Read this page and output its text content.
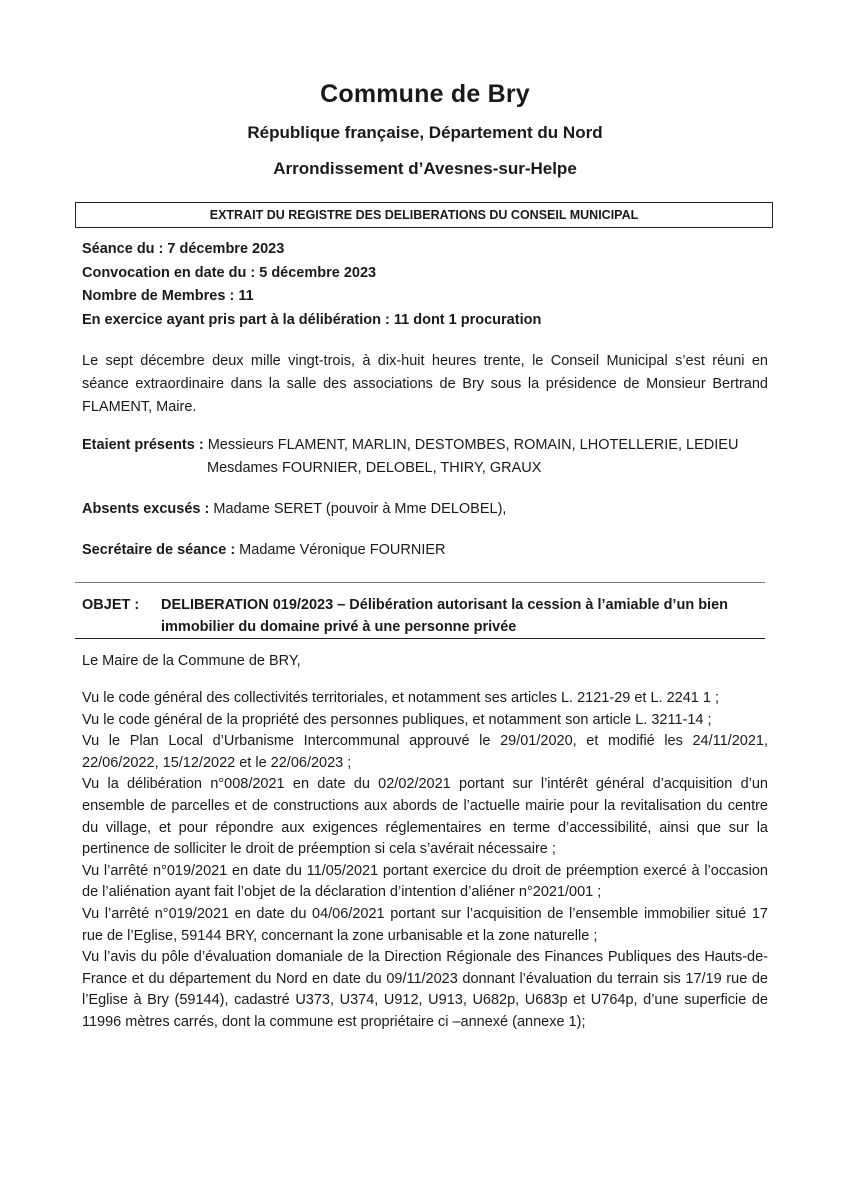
Commune de Bry
République française, Département du Nord
Arrondissement d’Avesnes-sur-Helpe
EXTRAIT DU REGISTRE DES DELIBERATIONS DU CONSEIL MUNICIPAL
Séance du : 7 décembre 2023
Convocation en date du : 5 décembre 2023
Nombre de Membres : 11
En exercice ayant pris part à la délibération : 11 dont 1 procuration
Le sept décembre deux mille vingt-trois, à dix-huit heures trente, le Conseil Municipal s’est réuni en séance extraordinaire dans la salle des associations de Bry sous la présidence de Monsieur Bertrand FLAMENT, Maire.
Etaient présents : Messieurs FLAMENT, MARLIN, DESTOMBES, ROMAIN, LHOTELLERIE, LEDIEU
Mesdames FOURNIER, DELOBEL, THIRY, GRAUX
Absents excusés : Madame SERET (pouvoir à Mme DELOBEL),
Secrétaire de séance : Madame Véronique FOURNIER
OBJET : DELIBERATION 019/2023 – Délibération autorisant la cession à l’amiable d’un bien immobilier du domaine privé à une personne privée
Le Maire de la Commune de BRY,

Vu le code général des collectivités territoriales, et notamment ses articles L. 2121-29 et L. 2241 1 ;

Vu le code général de la propriété des personnes publiques, et notamment son article L. 3211-14 ;

Vu le Plan Local d’Urbanisme Intercommunal approuvé le 29/01/2020, et modifié les 24/11/2021, 22/06/2022, 15/12/2022 et le 22/06/2023 ;

Vu la délibération n°008/2021 en date du 02/02/2021 portant sur l’intérêt général d’acquisition d’un ensemble de parcelles et de constructions aux abords de l’actuelle mairie pour la revitalisation du centre du village, et pour répondre aux exigences réglementaires en terme d’accessibilité, ainsi que sur la pertinence de solliciter le droit de préemption si cela s’avérait nécessaire ;

Vu l’arrêté n°019/2021 en date du 11/05/2021 portant exercice du droit de préemption exercé à l’occasion de l’aliénation ayant fait l’objet de la déclaration d’intention d’aliéner n°2021/001 ;

Vu l’arrêté n°019/2021 en date du 04/06/2021 portant sur l’acquisition de l’ensemble immobilier situé 17 rue de l’Eglise, 59144 BRY, concernant la zone urbanisable et la zone naturelle ;

Vu l’avis du pôle d’évaluation domaniale de la Direction Régionale des Finances Publiques des Hauts-de-France et du département du Nord en date du 09/11/2023 donnant l’évaluation du terrain sis 17/19 rue de l’Eglise à Bry (59144), cadastré U373, U374, U912, U913, U682p, U683p et U764p, d’une superficie de 11996 mètres carrés, dont la commune est propriétaire ci –annexé (annexe 1);
